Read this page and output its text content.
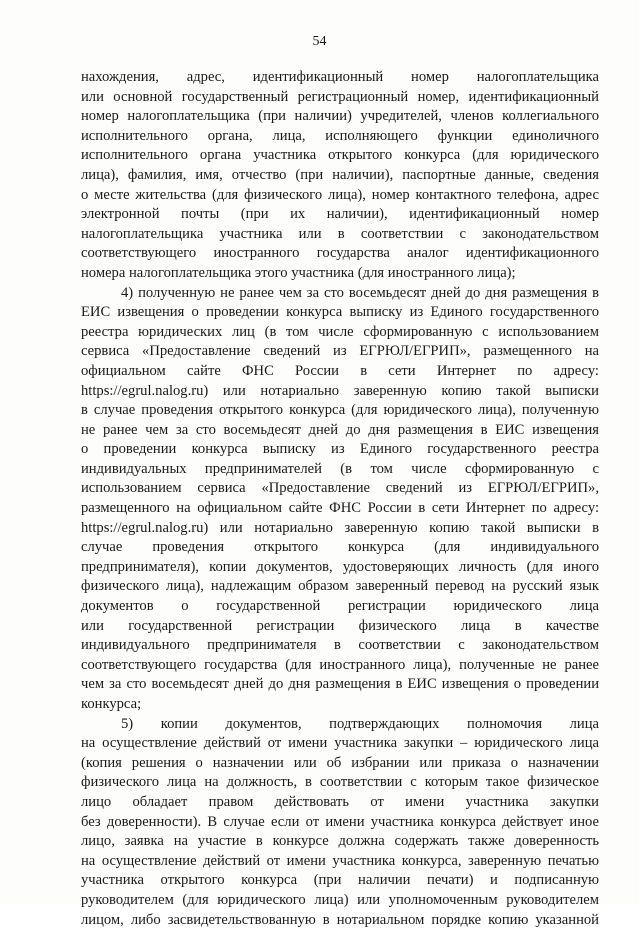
54
нахождения, адрес, идентификационный номер налогоплательщика
или основной государственный регистрационный номер, идентификационный
номер налогоплательщика (при наличии) учредителей, членов коллегиального
исполнительного органа, лица, исполняющего функции единоличного
исполнительного органа участника открытого конкурса (для юридического
лица), фамилия, имя, отчество (при наличии), паспортные данные, сведения
о месте жительства (для физического лица), номер контактного телефона, адрес
электронной почты (при их наличии), идентификационный номер
налогоплательщика участника или в соответствии с законодательством
соответствующего иностранного государства аналог идентификационного
номера налогоплательщика этого участника (для иностранного лица);
4) полученную не ранее чем за сто восемьдесят дней до дня размещения в
ЕИС извещения о проведении конкурса выписку из Единого государственного
реестра юридических лиц (в том числе сформированную с использованием
сервиса «Предоставление сведений из ЕГРЮЛ/ЕГРИП», размещенного на
официальном сайте ФНС России в сети Интернет по адресу:
https://egrul.nalog.ru) или нотариально заверенную копию такой выписки
в случае проведения открытого конкурса (для юридического лица), полученную
не ранее чем за сто восемьдесят дней до дня размещения в ЕИС извещения
о проведении конкурса выписку из Единого государственного реестра
индивидуальных предпринимателей (в том числе сформированную с
использованием сервиса «Предоставление сведений из ЕГРЮЛ/ЕГРИП»,
размещенного на официальном сайте ФНС России в сети Интернет по адресу:
https://egrul.nalog.ru) или нотариально заверенную копию такой выписки в
случае проведения открытого конкурса (для индивидуального
предпринимателя), копии документов, удостоверяющих личность (для иного
физического лица), надлежащим образом заверенный перевод на русский язык
документов о государственной регистрации юридического лица
или государственной регистрации физического лица в качестве
индивидуального предпринимателя в соответствии с законодательством
соответствующего государства (для иностранного лица), полученные не ранее
чем за сто восемьдесят дней до дня размещения в ЕИС извещения о проведении
конкурса;
5) копии документов, подтверждающих полномочия лица
на осуществление действий от имени участника закупки – юридического лица
(копия решения о назначении или об избрании или приказа о назначении
физического лица на должность, в соответствии с которым такое физическое
лицо обладает правом действовать от имени участника закупки
без доверенности). В случае если от имени участника конкурса действует иное
лицо, заявка на участие в конкурсе должна содержать также доверенность
на осуществление действий от имени участника конкурса, заверенную печатью
участника открытого конкурса (при наличии печати) и подписанную
руководителем (для юридического лица) или уполномоченным руководителем
лицом, либо засвидетельствованную в нотариальном порядке копию указанной
